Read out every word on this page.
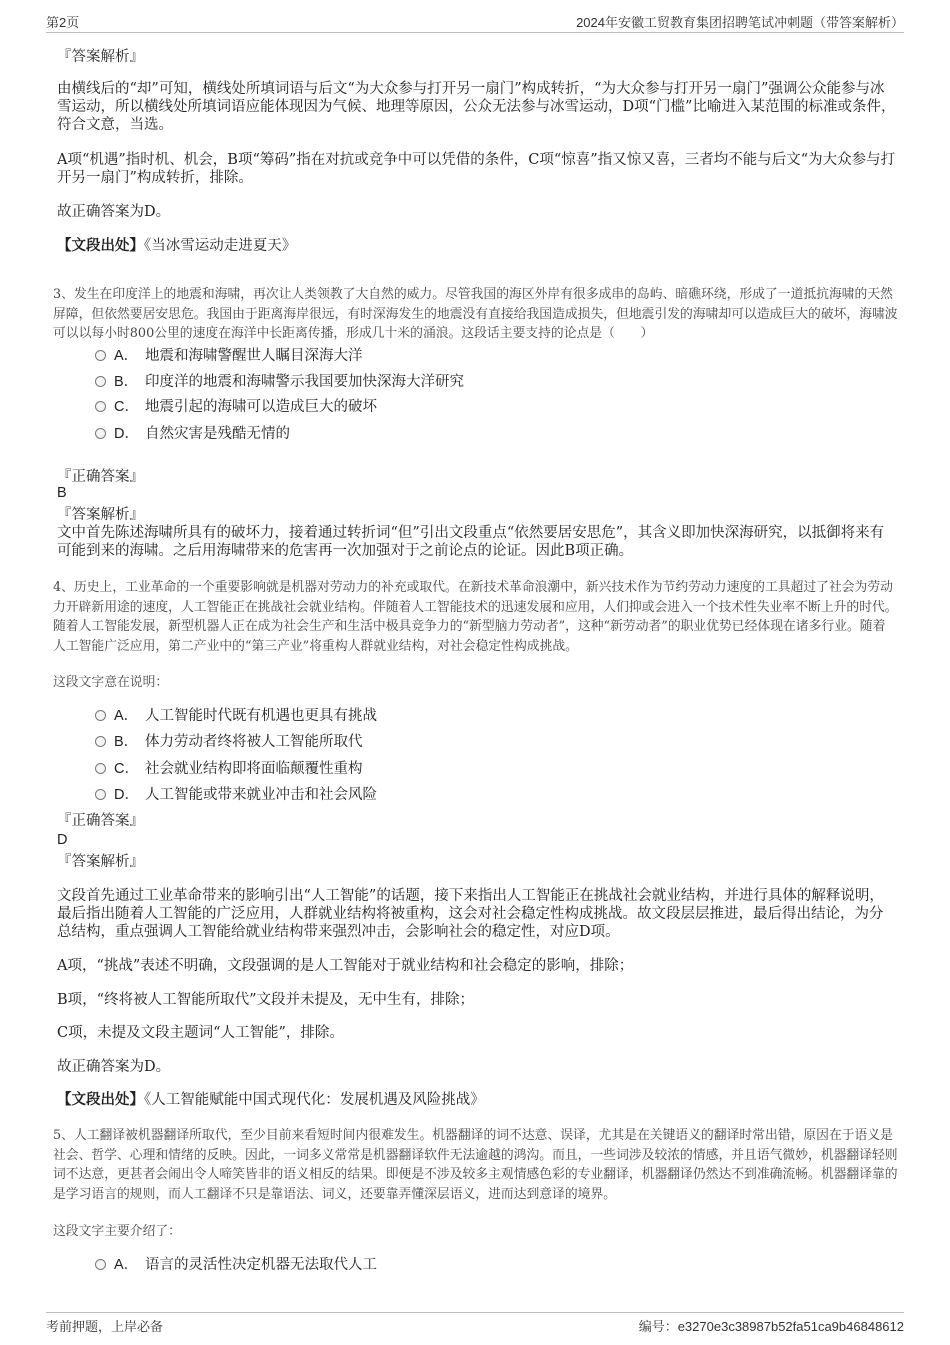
第2页	2024年安徽工贸教育集团招聘笔试冲刺题（带答案解析）

『答案解析』

由横线后的“却”可知，横线处所填词语与后文“为大众参与打开另一扇门”构成转折，“为大众参与打开另一扇门”强调公众能参与冰雪运动，所以横线处所填词语应能体现因为气候、地理等原因，公众无法参与冰雪运动，D项“门槛”比喻进入某范围的标准或条件，符合文意，当选。

A项“机遇”指时机、机会，B项“筹码”指在对抗或竞争中可以凭借的条件，C项“惊喜”指又惊又喜，三者均不能与后文“为大众参与打开另一扇门”构成转折，排除。

故正确答案为D。

【文段出处】《当冰雪运动走进夏天》

3、发生在印度洋上的地震和海啸，再次让人类领教了大自然的威力。尽管我国的海区外岸有很多成串的岛屿、暗礁环绕，形成了一道抵抗海啸的天然屏障，但依然要居安思危。我国由于距离海岸很远，有时深海发生的地震没有直接给我国造成损失，但地震引发的海啸却可以造成巨大的破坏，海啸波可以以每小时800公里的速度在海洋中长距离传播，形成几十米的涌浪。这段话主要支持的论点是（　　）

A． 地震和海啸警醒世人瞩目深海大洋
B． 印度洋的地震和海啸警示我国要加快深海大洋研究
C． 地震引起的海啸可以造成巨大的破坏
D． 自然灾害是残酷无情的

『正确答案』

B

『答案解析』

文中首先陈述海啸所具有的破坏力，接着通过转折词“但”引出文段重点“依然要居安思危”，其含义即加快深海研究，以抵御将来有可能到来的海啸。之后用海啸带来的危害再一次加强对于之前论点的论证。因此B项正确。

4、历史上，工业革命的一个重要影响就是机器对劳动力的补充或取代。在新技术革命浪潮中，新兴技术作为节约劳动力速度的工具超过了社会为劳动力开辟新用途的速度，人工智能正在挑战社会就业结构。伴随着人工智能技术的迅速发展和应用，人们抑或会进入一个技术性失业率不断上升的时代。随着人工智能发展，新型机器人正在成为社会生产和生活中极具竞争力的“新型脑力劳动者”，这种“新劳动者”的职业优势已经体现在诸多行业。随着人工智能广泛应用，第二产业中的“第三产业”将重构人群就业结构，对社会稳定性构成挑战。

这段文字意在说明：

A． 人工智能时代既有机遇也更具有挑战
B． 体力劳动者终将被人工智能所取代
C． 社会就业结构即将面临颠覆性重构
D． 人工智能或带来就业冲击和社会风险

『正确答案』

D

『答案解析』

文段首先通过工业革命带来的影响引出“人工智能”的话题，接下来指出人工智能正在挑战社会就业结构，并进行具体的解释说明，最后指出随着人工智能的广泛应用，人群就业结构将被重构，这会对社会稳定性构成挑战。故文段层层推进，最后得出结论，为分总结构，重点强调人工智能给就业结构带来强烈冲击，会影响社会的稳定性，对应D项。

A项，“挑战”表述不明确，文段强调的是人工智能对于就业结构和社会稳定的影响，排除；

B项，“终将被人工智能所取代”文段并未提及，无中生有，排除；

C项，未提及文段主题词“人工智能”，排除。

故正确答案为D。

【文段出处】《人工智能赋能中国式现代化：发展机遇及风险挑战》

5、人工翻译被机器翻译所取代，至少目前来看短时间内很难发生。机器翻译的词不达意、误译，尤其是在关键语义的翻译时常出错，原因在于语义是社会、哲学、心理和情绪的反映。因此，一词多义常常是机器翻译软件无法逾越的鸿沟。而且，一些词涉及较浓的情感，并且语气微妙，机器翻译轻则词不达意，更甚者会闹出令人啼笑皆非的语义相反的结果。即便是不涉及较多主观情感色彩的专业翻译，机器翻译仍然达不到准确流畅。机器翻译靠的是学习语言的规则，而人工翻译不只是靠语法、词义，还要靠弄懂深层语义，进而达到意译的境界。

这段文字主要介绍了：

A． 语言的灵活性决定机器无法取代人工
考前押题，上岸必备	编号：e3270e3c38987b52fa51ca9b46848612
